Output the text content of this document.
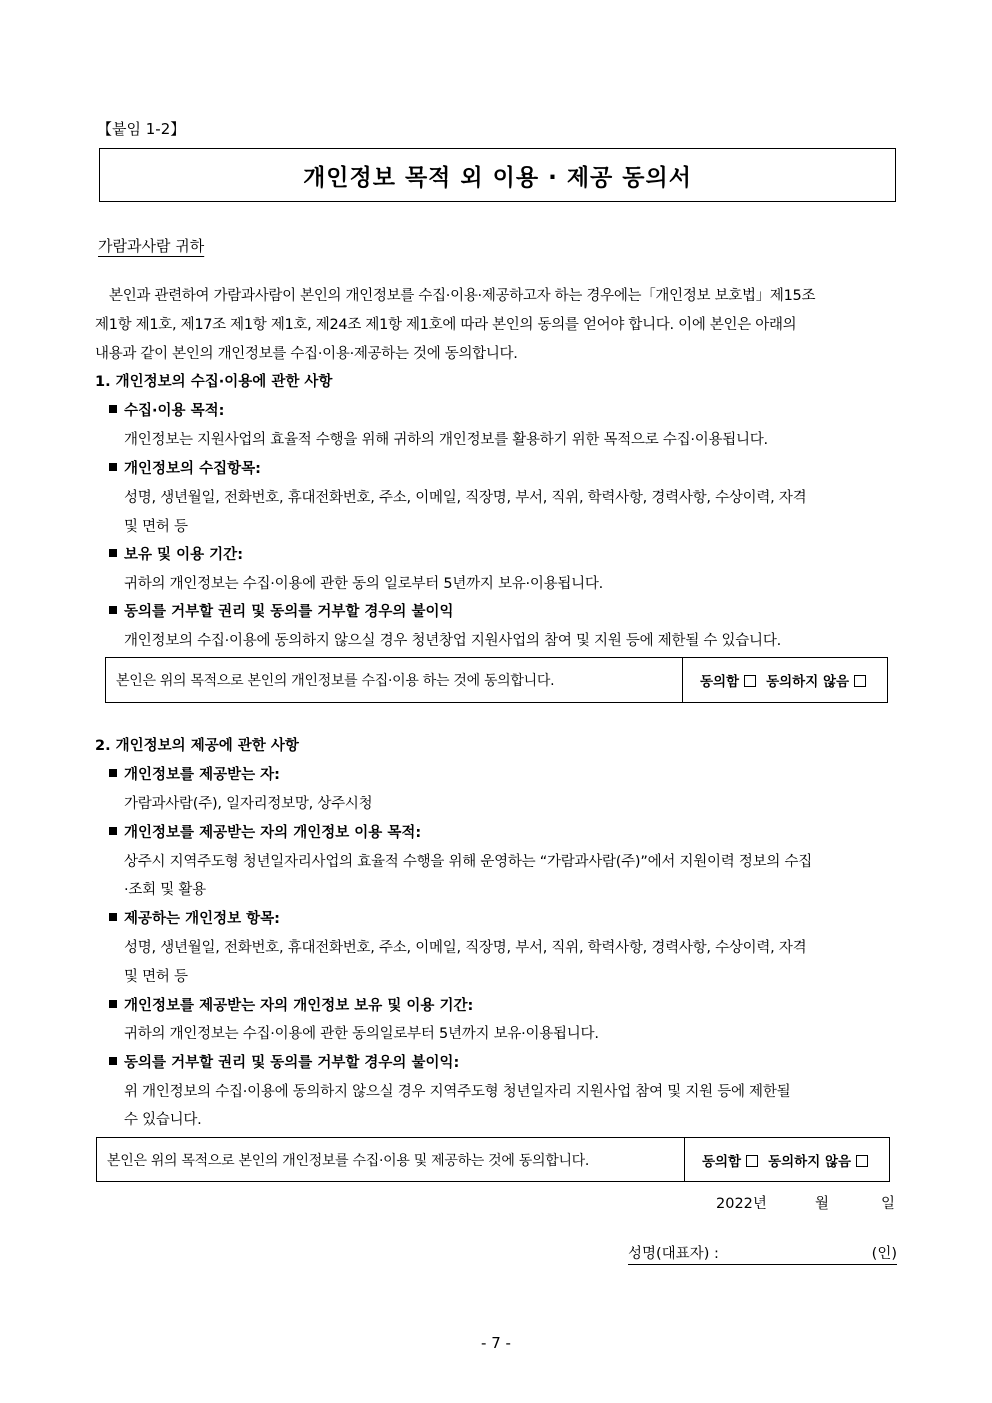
【붙임 1-2】
개인정보 목적 외 이용 · 제공 동의서
가람과사람 귀하
본인과 관련하여 가람과사람이 본인의 개인정보를 수집·이용·제공하고자 하는 경우에는「개인정보 보호법」제15조
제1항 제1호, 제17조 제1항 제1호, 제24조 제1항 제1호에 따라 본인의 동의를 얻어야 합니다. 이에 본인은 아래의
내용과 같이 본인의 개인정보를 수집·이용·제공하는 것에 동의합니다.
1. 개인정보의 수집·이용에 관한 사항
수집·이용 목적:
개인정보는 지원사업의 효율적 수행을 위해 귀하의 개인정보를 활용하기 위한 목적으로 수집·이용됩니다.
개인정보의 수집항목:
성명, 생년월일, 전화번호, 휴대전화번호, 주소, 이메일, 직장명, 부서, 직위, 학력사항, 경력사항, 수상이력, 자격
및 면허 등
보유 및 이용 기간:
귀하의 개인정보는 수집·이용에 관한 동의 일로부터 5년까지 보유·이용됩니다.
동의를 거부할 권리 및 동의를 거부할 경우의 불이익
개인정보의 수집·이용에 동의하지 않으실 경우 청년창업 지원사업의 참여 및 지원 등에 제한될 수 있습니다.
본인은 위의 목적으로 본인의 개인정보를 수집·이용 하는 것에 동의합니다.	동의함	동의하지 않음
2. 개인정보의 제공에 관한 사항
개인정보를 제공받는 자:
가람과사람(주), 일자리정보망, 상주시청
개인정보를 제공받는 자의 개인정보 이용 목적:
상주시 지역주도형 청년일자리사업의 효율적 수행을 위해 운영하는 “가람과사람(주)”에서 지원이력 정보의 수집
·조회 및 활용
제공하는 개인정보 항목:
성명, 생년월일, 전화번호, 휴대전화번호, 주소, 이메일, 직장명, 부서, 직위, 학력사항, 경력사항, 수상이력, 자격
및 면허 등
개인정보를 제공받는 자의 개인정보 보유 및 이용 기간:
귀하의 개인정보는 수집·이용에 관한 동의일로부터 5년까지 보유·이용됩니다.
동의를 거부할 권리 및 동의를 거부할 경우의 불이익:
위 개인정보의 수집·이용에 동의하지 않으실 경우 지역주도형 청년일자리 지원사업 참여 및 지원 등에 제한될
수 있습니다.
본인은 위의 목적으로 본인의 개인정보를 수집·이용 및 제공하는 것에 동의합니다.	동의함	동의하지 않음
2022년	월	일
성명(대표자) :	(인)
- 7 -
